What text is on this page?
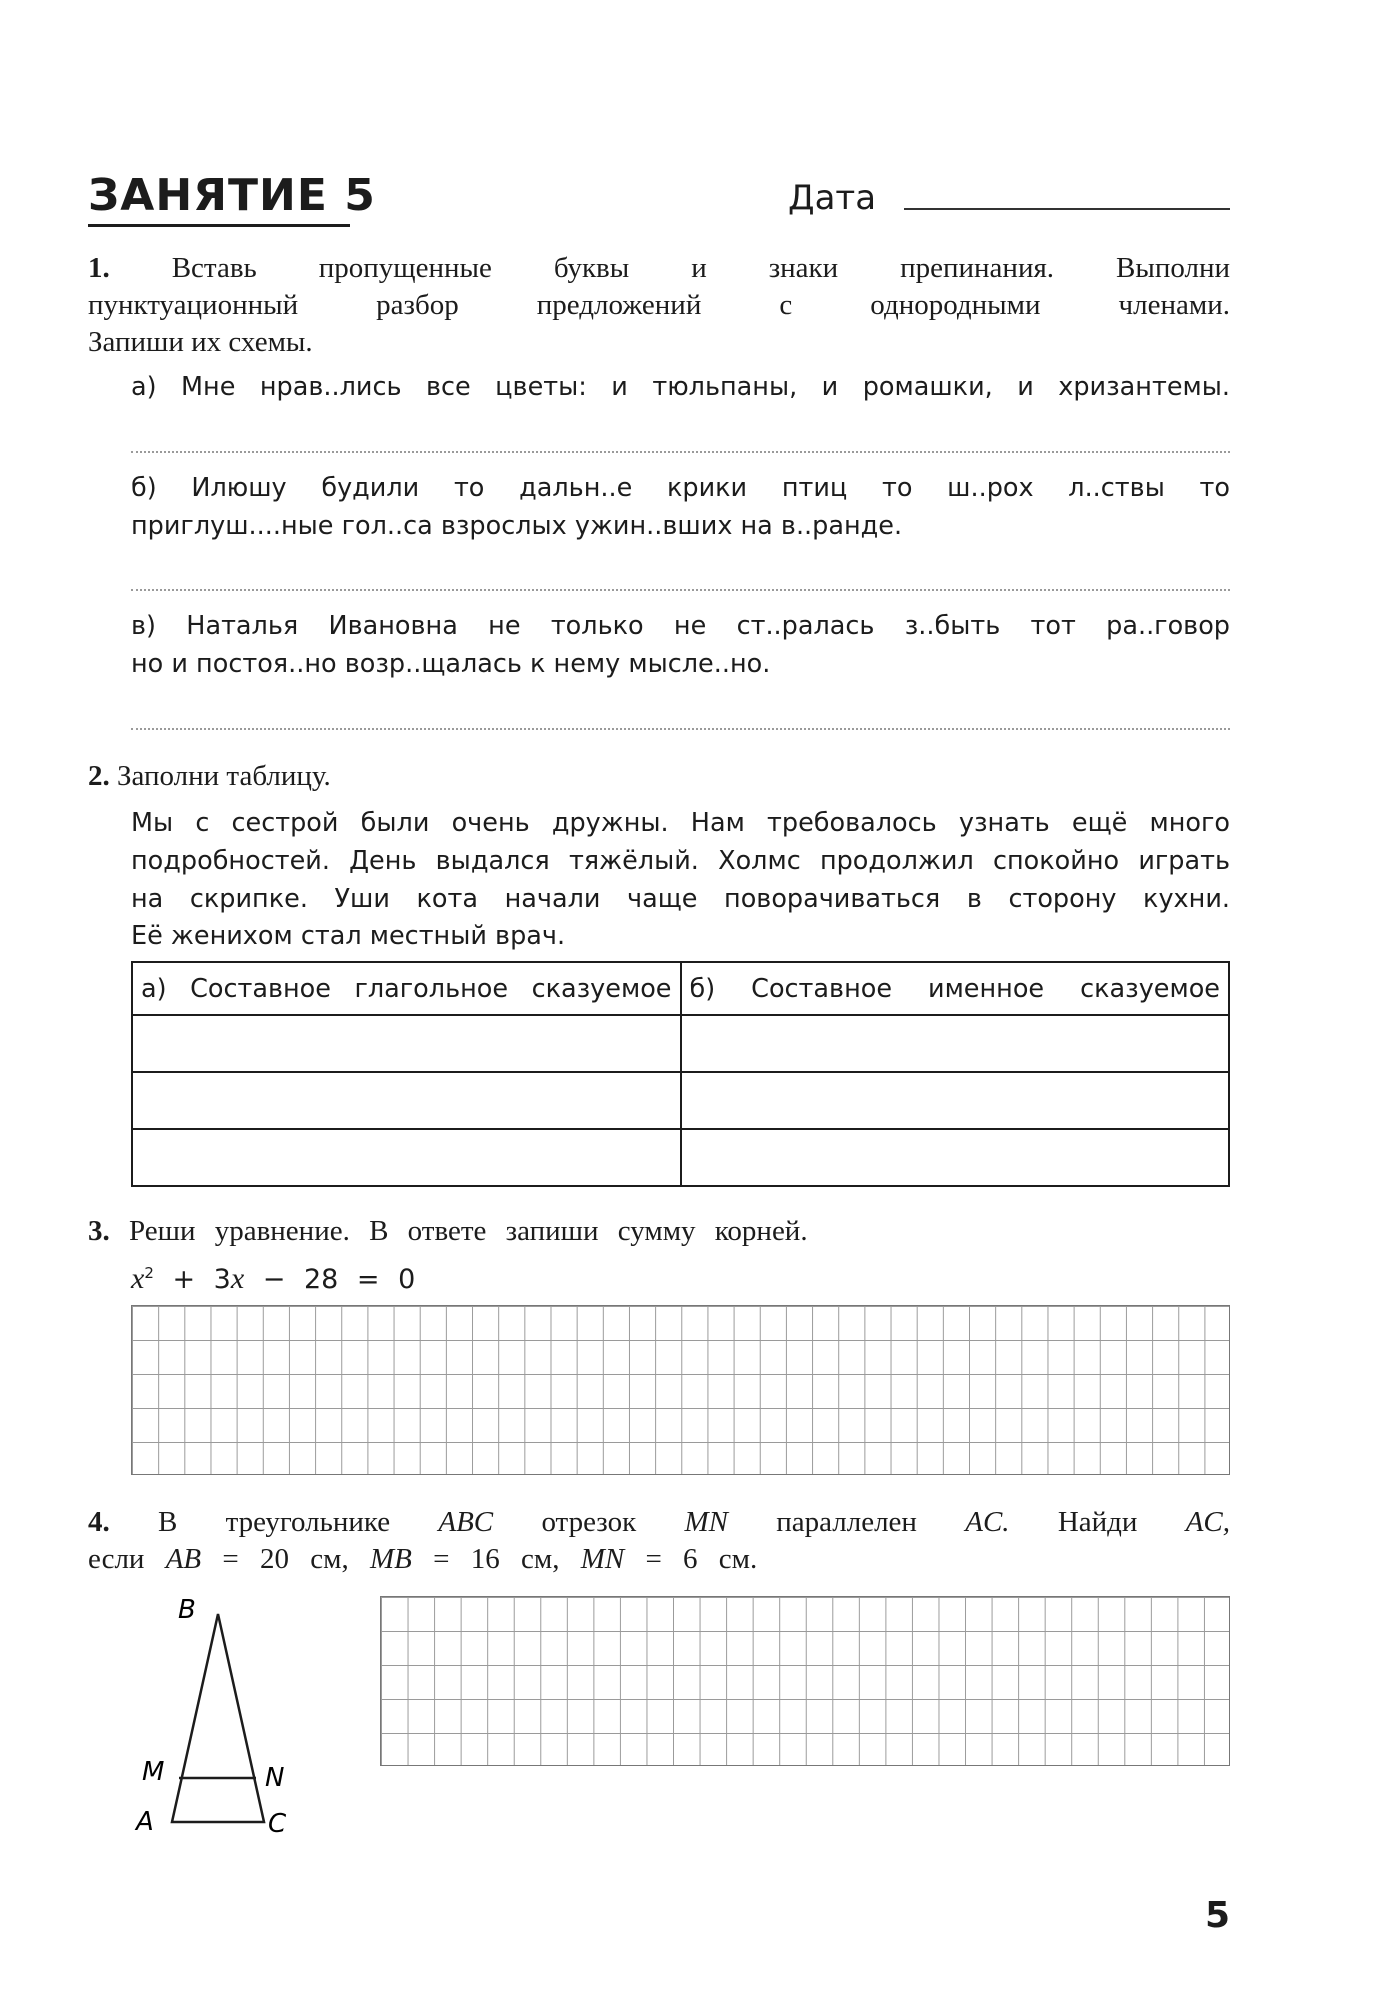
ЗАНЯТИЕ 5	Дата
1. Вставь пропущенные буквы и знаки препинания. Выполни
пунктуационный разбор предложений с однородными членами.
Запиши их схемы.
а) Мне нрав..лись все цветы: и тюльпаны, и ромашки, и хризантемы.
б) Илюшу будили то дальн..е крики птиц то ш..рох л..ствы то
приглуш....ные гол..са взрослых ужин..вших на в..ранде.
в) Наталья Ивановна не только не ст..ралась з..быть тот ра..говор
но и постоя..но возр..щалась к нему мысле..но.
2. Заполни таблицу.
Мы с сестрой были очень дружны. Нам требовалось узнать ещё много
подробностей. День выдался тяжёлый. Холмс продолжил спокойно играть
на скрипке. Уши кота начали чаще поворачиваться в сторону кухни.
Её женихом стал местный врач.
а) Составное глагольное сказуемое	б) Составное именное сказуемое

3. Реши уравнение. В ответе запиши сумму корней.
$x^2 + 3x - 28 = 0$
4. В треугольнике ABC отрезок MN параллелен AC. Найди AC,
если AB = 20 см, MB = 16 см, MN = 6 см.
B
M	N
A	C
5
